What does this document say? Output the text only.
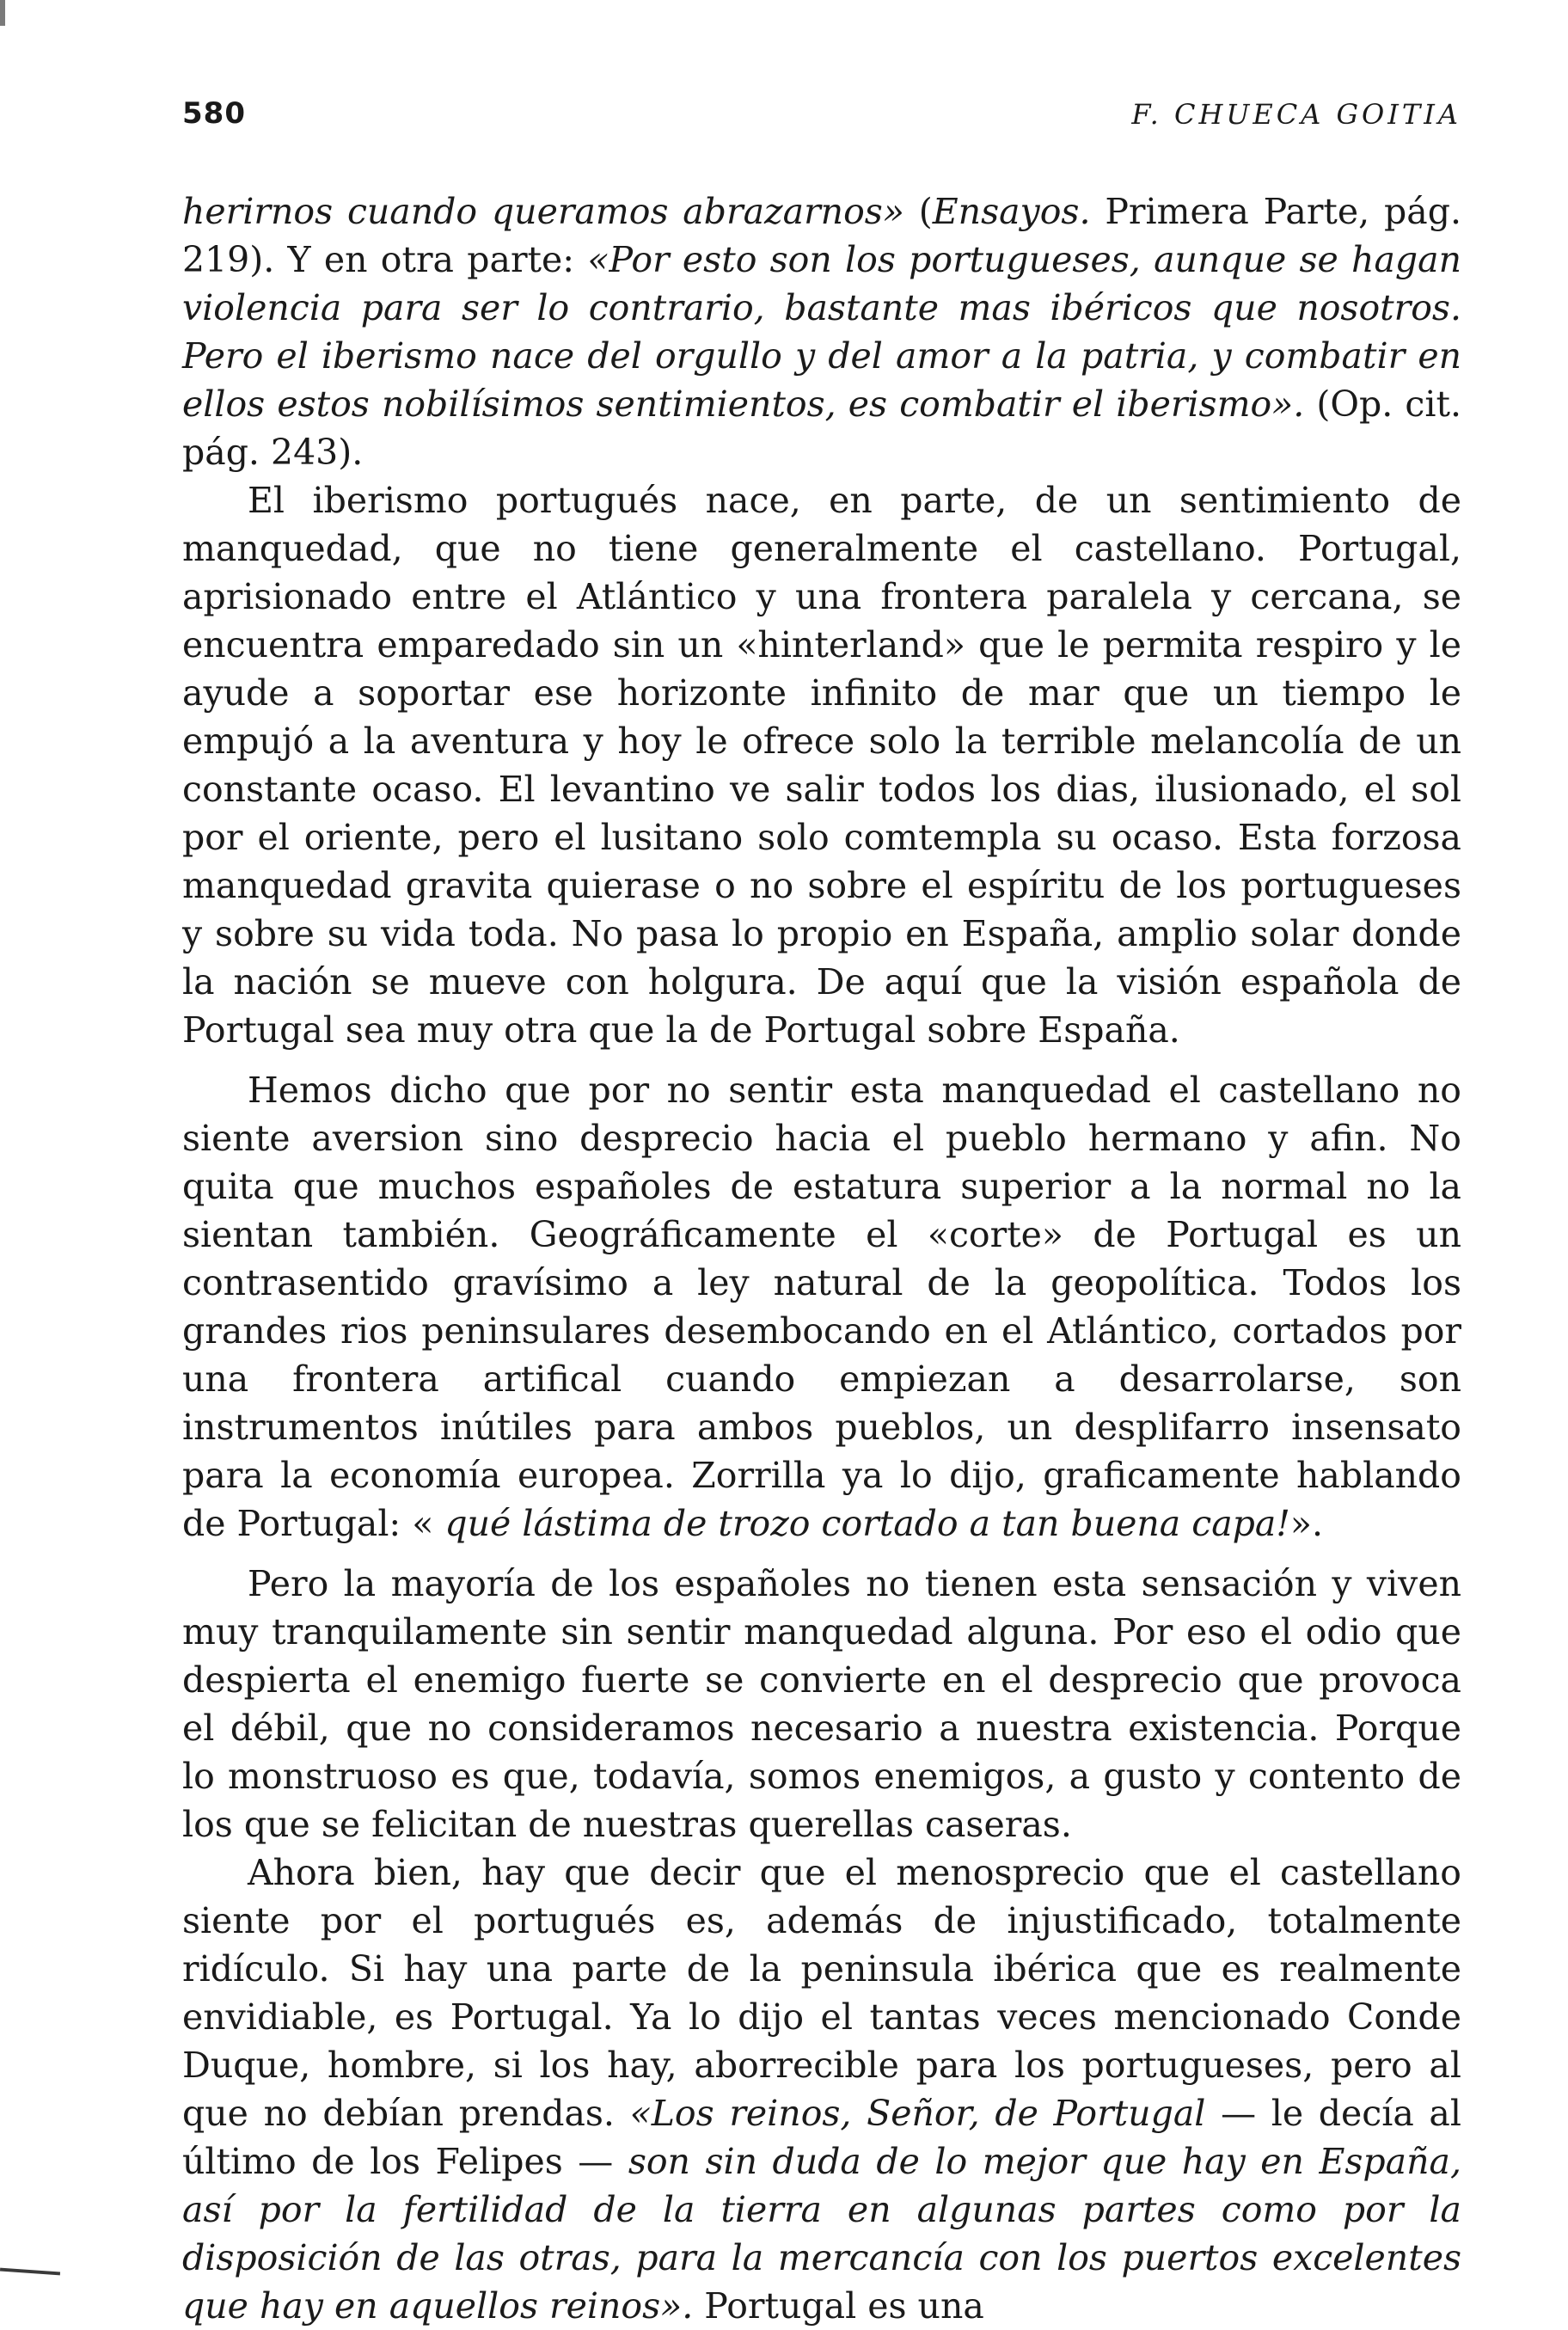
580	F. CHUECA GOITIA

herirnos cuando queramos abrazarnos» (Ensayos. Primera Parte, pág. 219). Y en otra parte: «Por esto son los portugueses, aunque se hagan violencia para ser lo contrario, bastante mas ibéricos que nosotros. Pero el iberismo nace del orgullo y del amor a la patria, y combatir en ellos estos nobilísimos sentimientos, es combatir el iberismo». (Op. cit. pág. 243).

El iberismo portugués nace, en parte, de un sentimiento de manquedad, que no tiene generalmente el castellano. Portugal, aprisionado entre el Atlántico y una frontera paralela y cercana, se encuentra emparedado sin un «hinterland» que le permita respiro y le ayude a soportar ese horizonte infinito de mar que un tiempo le empujó a la aventura y hoy le ofrece solo la terrible melancolía de un constante ocaso. El levantino ve salir todos los dias, ilusionado, el sol por el oriente, pero el lusitano solo comtempla su ocaso. Esta forzosa manquedad gravita quierase o no sobre el espíritu de los portugueses y sobre su vida toda. No pasa lo propio en España, amplio solar donde la nación se mueve con holgura. De aquí que la visión española de Portugal sea muy otra que la de Portugal sobre España.

Hemos dicho que por no sentir esta manquedad el castellano no siente aversion sino desprecio hacia el pueblo hermano y afin. No quita que muchos españoles de estatura superior a la normal no la sientan también. Geográficamente el «corte» de Portugal es un contrasentido gravísimo a ley natural de la geopolítica. Todos los grandes rios peninsulares desembocando en el Atlántico, cortados por una frontera artifical cuando empiezan a desarrolarse, son instrumentos inútiles para ambos pueblos, un desplifarro insensato para la economía europea. Zorrilla ya lo dijo, graficamente hablando de Portugal: « qué lástima de trozo cortado a tan buena capa!».

Pero la mayoría de los españoles no tienen esta sensación y viven muy tranquilamente sin sentir manquedad alguna. Por eso el odio que despierta el enemigo fuerte se convierte en el desprecio que provoca el débil, que no consideramos necesario a nuestra existencia. Porque lo monstruoso es que, todavía, somos enemigos, a gusto y contento de los que se felicitan de nuestras querellas caseras.

Ahora bien, hay que decir que el menosprecio que el castellano siente por el portugués es, además de injustificado, totalmente ridículo. Si hay una parte de la peninsula ibérica que es realmente envidiable, es Portugal. Ya lo dijo el tantas veces mencionado Conde Duque, hombre, si los hay, aborrecible para los portugueses, pero al que no debían prendas. «Los reinos, Señor, de Portugal — le decía al último de los Felipes — son sin duda de lo mejor que hay en España, así por la fertilidad de la tierra en algunas partes como por la disposición de las otras, para la mercancía con los puertos excelentes que hay en aquellos reinos». Portugal es una
